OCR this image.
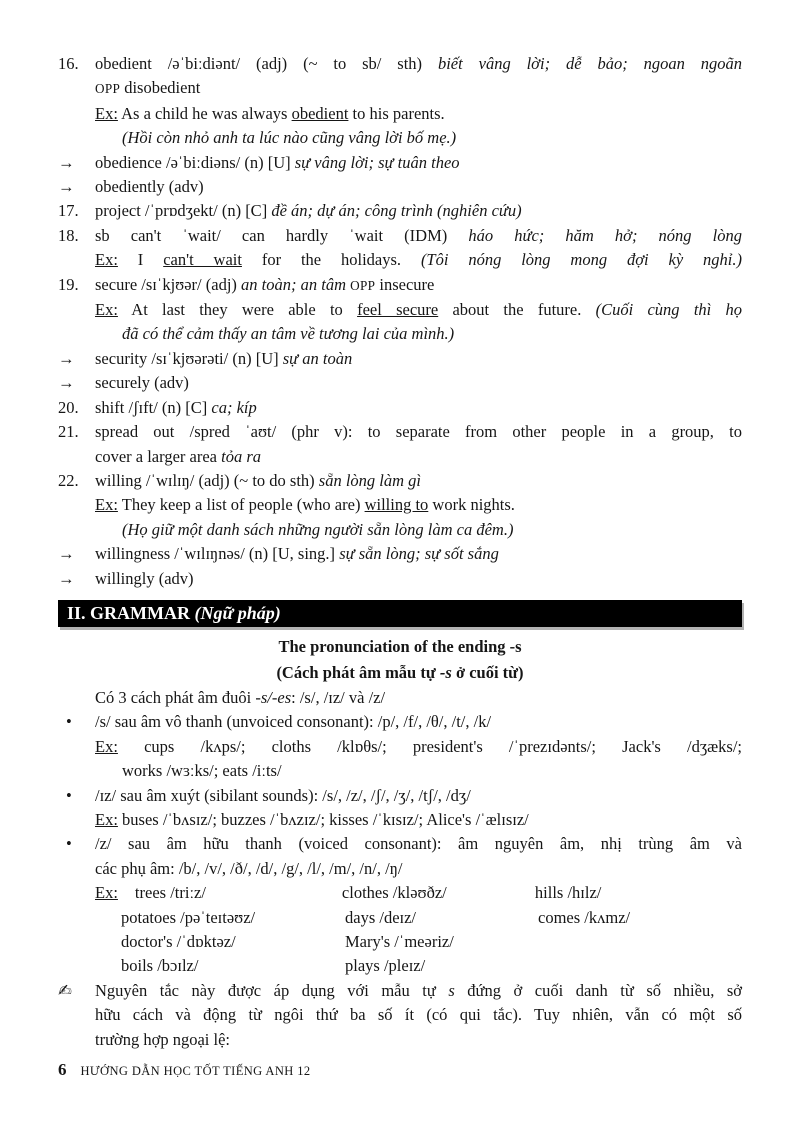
16. obedient /əˈbiːdiənt/ (adj) (~ to sb/ sth) biết vâng lời; dễ bảo; ngoan ngoãn
OPP disobedient
Ex: As a child he was always obedient to his parents.
(Hồi còn nhỏ anh ta lúc nào cũng vâng lời bố mẹ.)
→ obedience /əˈbiːdiəns/ (n) [U] sự vâng lời; sự tuân theo
→ obediently (adv)
17. project /ˈprɒdʒekt/ (n) [C] đề án; dự án; công trình (nghiên cứu)
18. sb can't ˈwait/ can hardly ˈwait (IDM) háo hức; hăm hở; nóng lòng
Ex: I can't wait for the holidays. (Tôi nóng lòng mong đợi kỳ nghỉ.)
19. secure /sɪˈkjʊər/ (adj) an toàn; an tâm OPP insecure
Ex: At last they were able to feel secure about the future. (Cuối cùng thì họ
đã có thể cảm thấy an tâm về tương lai của mình.)
→ security /sɪˈkjʊərəti/ (n) [U] sự an toàn
→ securely (adv)
20. shift /ʃɪft/ (n) [C] ca; kíp
21. spread out /spred ˈaʊt/ (phr v): to separate from other people in a group, to
cover a larger area tỏa ra
22. willing /ˈwɪlɪŋ/ (adj) (~ to do sth) sẵn lòng làm gì
Ex: They keep a list of people (who are) willing to work nights.
(Họ giữ một danh sách những người sẵn lòng làm ca đêm.)
→ willingness /ˈwɪlɪŋnəs/ (n) [U, sing.] sự sẵn lòng; sự sốt sắng
→ willingly (adv)
II. GRAMMAR (Ngữ pháp)
The pronunciation of the ending -s
(Cách phát âm mẫu tự -s ở cuối từ)
Có 3 cách phát âm đuôi -s/-es: /s/, /ɪz/ và /z/
• /s/ sau âm vô thanh (unvoiced consonant): /p/, /f/, /θ/, /t/, /k/
Ex: cups /kʌps/; cloths /klɒθs/; president's /ˈprezɪdənts/; Jack's /dʒæks/;
works /wɜːks/; eats /iːts/
• /ɪz/ sau âm xuýt (sibilant sounds): /s/, /z/, /ʃ/, /ʒ/, /tʃ/, /dʒ/
Ex: buses /ˈbʌsɪz/; buzzes /ˈbʌzɪz/; kisses /ˈkɪsɪz/; Alice's /ˈælɪsɪz/
• /z/ sau âm hữu thanh (voiced consonant): âm nguyên âm, nhị trùng âm và
các phụ âm: /b/, /v/, /ð/, /d/, /g/, /l/, /m/, /n/, /ŋ/
Ex: trees /triːz/	clothes /kləʊðz/	hills /hɪlz/
potatoes /pəˈteɪtəʊz/	days /deɪz/	comes /kʌmz/
doctor's /ˈdɒktəz/	Mary's /ˈmeəriz/
boils /bɔɪlz/	plays /pleɪz/
✍ Nguyên tắc này được áp dụng với mẫu tự s đứng ở cuối danh từ số nhiều, sở
hữu cách và động từ ngôi thứ ba số ít (có qui tắc). Tuy nhiên, vẫn có một số
trường hợp ngoại lệ:
6 HƯỚNG DẪN HỌC TỐT TIẾNG ANH 12
